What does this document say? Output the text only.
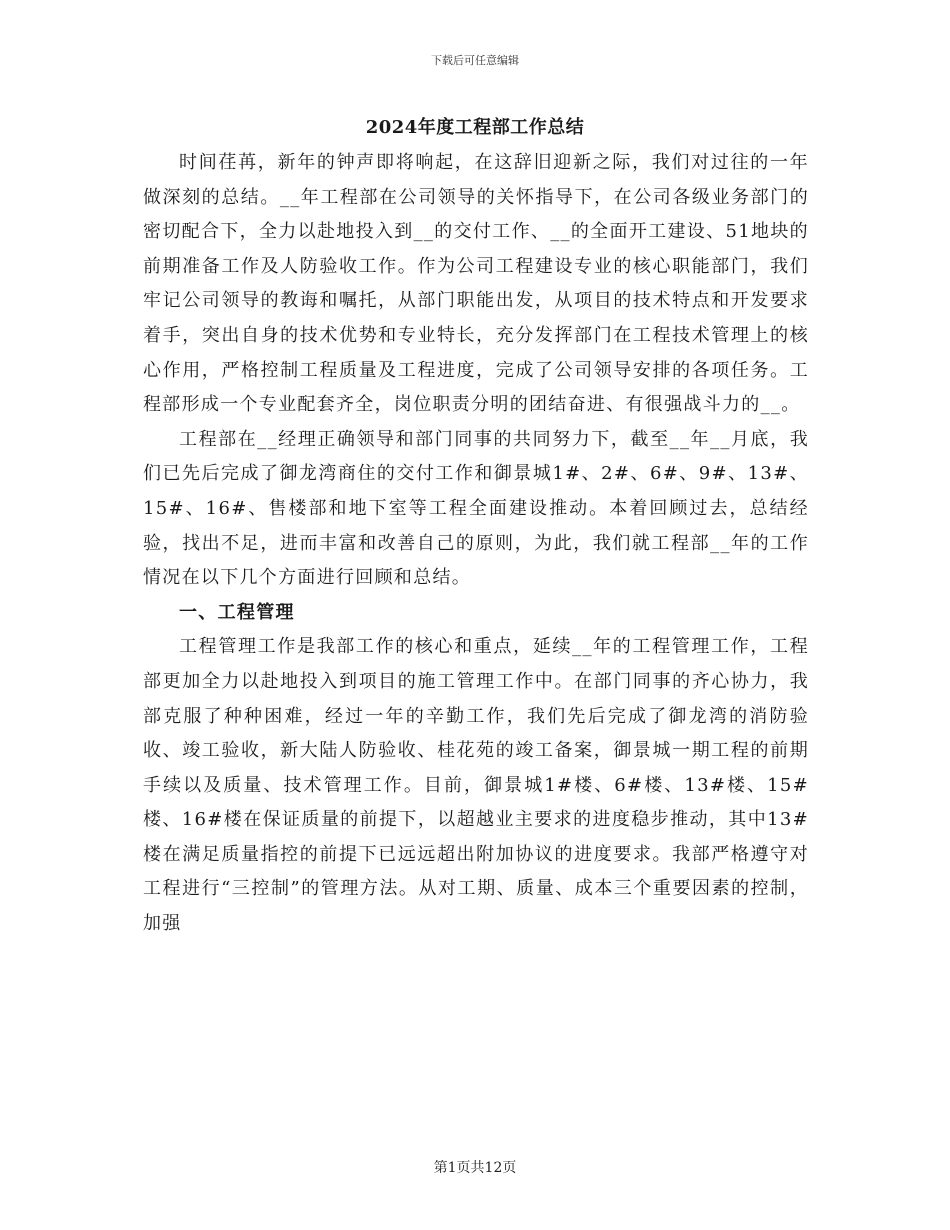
下载后可任意编辑
2024年度工程部工作总结

时间荏苒，新年的钟声即将响起，在这辞旧迎新之际，我们对过往的一年做深刻的总结。__年工程部在公司领导的关怀指导下，在公司各级业务部门的密切配合下，全力以赴地投入到__的交付工作、__的全面开工建设、51地块的前期准备工作及人防验收工作。作为公司工程建设专业的核心职能部门，我们牢记公司领导的教诲和嘱托，从部门职能出发，从项目的技术特点和开发要求着手，突出自身的技术优势和专业特长，充分发挥部门在工程技术管理上的核心作用，严格控制工程质量及工程进度，完成了公司领导安排的各项任务。工程部形成一个专业配套齐全，岗位职责分明的团结奋进、有很强战斗力的__。

工程部在__经理正确领导和部门同事的共同努力下，截至__年__月底，我们已先后完成了御龙湾商住的交付工作和御景城1#、2#、6#、9#、13#、15#、16#、售楼部和地下室等工程全面建设推动。本着回顾过去，总结经验，找出不足，进而丰富和改善自己的原则，为此，我们就工程部__年的工作情况在以下几个方面进行回顾和总结。

一、工程管理

工程管理工作是我部工作的核心和重点，延续__年的工程管理工作，工程部更加全力以赴地投入到项目的施工管理工作中。在部门同事的齐心协力，我部克服了种种困难，经过一年的辛勤工作，我们先后完成了御龙湾的消防验收、竣工验收，新大陆人防验收、桂花苑的竣工备案，御景城一期工程的前期手续以及质量、技术管理工作。目前，御景城1#楼、6#楼、13#楼、15#楼、16#楼在保证质量的前提下，以超越业主要求的进度稳步推动，其中13#楼在满足质量指控的前提下已远远超出附加协议的进度要求。我部严格遵守对工程进行“三控制”的管理方法。从对工期、质量、成本三个重要因素的控制，加强

第1页共12页
